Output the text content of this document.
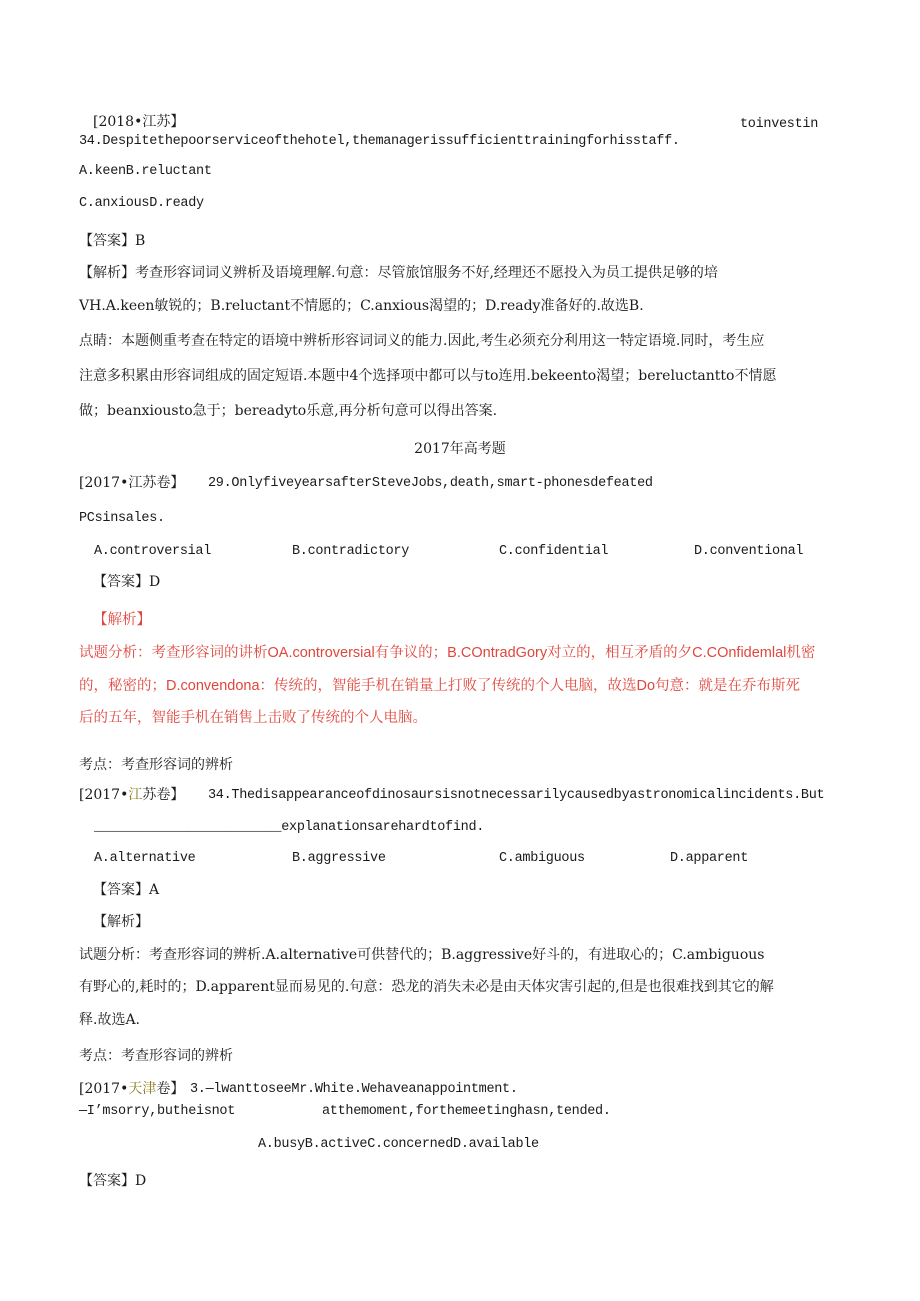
[2018•江苏】	toinvestin
34.Despitethepoorserviceofthehotel,themanagerissufficienttrainingforhisstaff.
A.keenB.reluctant
C.anxiousD.ready
【答案】B
【解析】考查形容词词义辨析及语境理解.句意：尽管旅馆服务不好,经理还不愿投入为员工提供足够的培
VH.A.keen敏锐的；B.reluctant不情愿的；C.anxious渴望的；D.ready准备好的.故选B.
点睛：本题侧重考查在特定的语境中辨析形容词词义的能力.因此,考生必须充分利用这一特定语境.同时，考生应
注意多积累由形容词组成的固定短语.本题中4个选择项中都可以与to连用.bekeento渴望；bereluctantto不情愿
做；beanxiousto急于；bereadyto乐意,再分析句意可以得出答案.
2017年高考题
[2017•江苏卷】 29.OnlyfiveyearsafterSteveJobs,death,smart-phonesdefeated
PCsinsales.
A.controversial	B.contradictory	C.confidential	D.conventional
【答案】D
【解析】
试题分析：考查形容词的讲析OA.controversial有争议的；B.COntradGory对立的，相互矛盾的夕C.COnfidemlal机密
的，秘密的；D.convendona：传统的，智能手机在销量上打败了传统的个人电脑，故选Do句意：就是在乔布斯死
后的五年，智能手机在销售上击败了传统的个人电脑。
考点：考查形容词的辨析
[2017•江苏卷】 34.Thedisappearanceofdinosaursisnotnecessarilycausedbyastronomicalincidents.But
________________________explanationsarehardtofind.
A.alternative	B.aggressive	C.ambiguous	D.apparent
【答案】A
【解析】
试题分析：考查形容词的辨析.A.alternative可供替代的；B.aggressive好斗的，有进取心的；C.ambiguous
有野心的,耗时的；D.apparent显而易见的.句意：恐龙的消失未必是由天体灾害引起的,但是也很难找到其它的解
释.故选A.
考点：考查形容词的辨析
[2017•天津卷】 3.—lwanttoseeMr.White.Wehaveanappointment.
—I’msorry,butheisnot	atthemoment,forthemeetinghasn,tended.
A.busyB.activeC.concernedD.available
【答案】D
